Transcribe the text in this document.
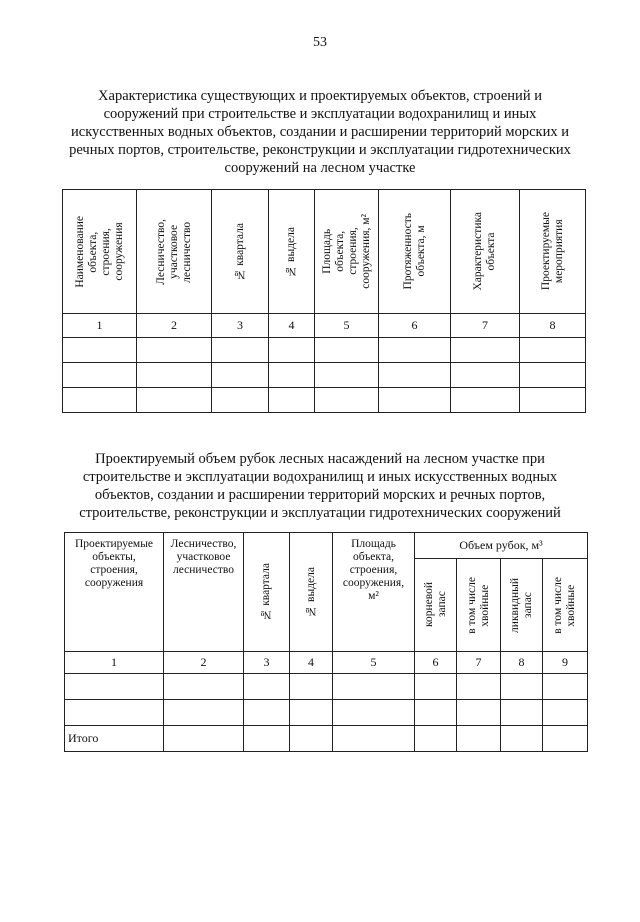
53
Характеристика существующих и проектируемых объектов, строений и
сооружений при строительстве и эксплуатации водохранилищ и иных
искусственных водных объектов, создании и расширении территорий морских и
речных портов, строительстве, реконструкции и эксплуатации гидротехнических
сооружений на лесном участке
Наименование
объекта,
строения,
сооружения	Лесничество,
участковое
лесничество	№ квартала	№ выдела	Площадь
объекта,
строения,
сооружения, м²	Протяженность
объекта, м	Характеристика
объекта	Проектируемые
мероприятия

1	2	3	4	5	6	7	8

Проектируемый объем рубок лесных насаждений на лесном участке при
строительстве и эксплуатации водохранилищ и иных искусственных водных
объектов, создании и расширении территорий морских и речных портов,
строительстве, реконструкции и эксплуатации гидротехнических сооружений
Проектируемые
объекты,
строения,
сооружения	Лесничество,
участковое
лесничество	№ квартала	№ выдела	Площадь
объекта,
строения,
сооружения,
м²	Объем рубок, м³			

					корневой
запас	в том числе
хвойные	ликвидный
запас	в том числе
хвойные

1	2	3	4	5	6	7	8	9

Итого								
